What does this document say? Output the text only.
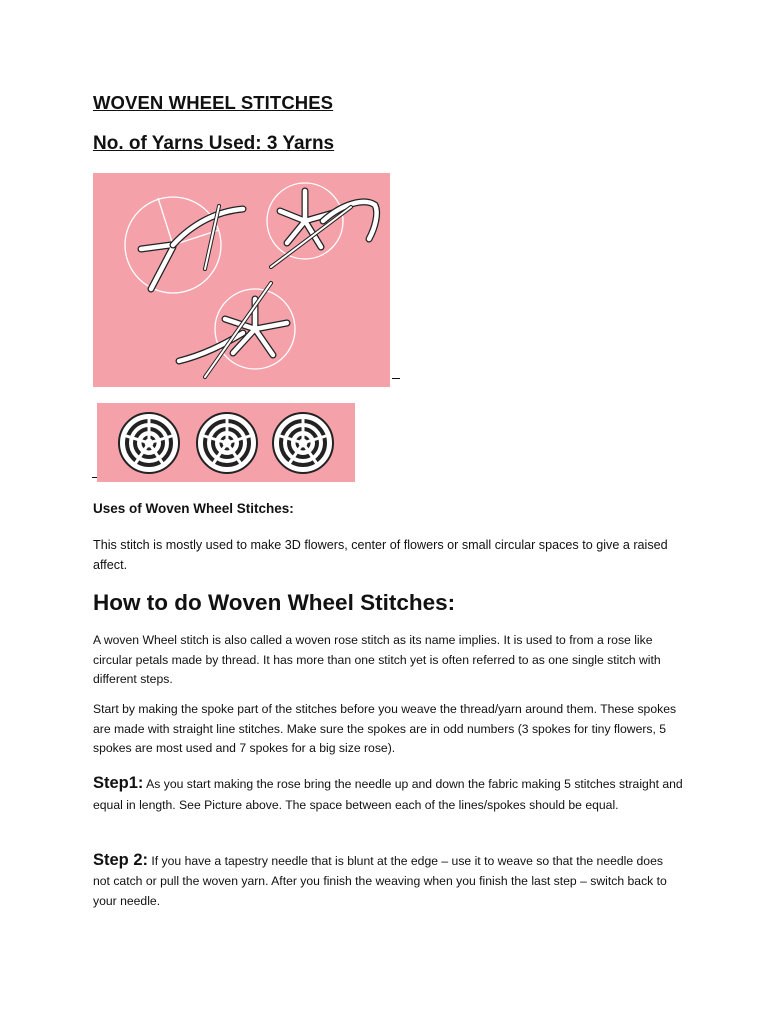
WOVEN WHEEL STITCHES

No. of Yarns Used: 3 Yarns

Uses of Woven Wheel Stitches:

This stitch is mostly used to make 3D flowers, center of flowers or small circular spaces to give a raised affect.

How to do Woven Wheel Stitches:

A woven Wheel stitch is also called a woven rose stitch as its name implies. It is used to from a rose like circular petals made by thread. It has more than one stitch yet is often referred to as one single stitch with different steps.

Start by making the spoke part of the stitches before you weave the thread/yarn around them. These spokes are made with straight line stitches. Make sure the spokes are in odd numbers (3 spokes for tiny flowers, 5 spokes are most used and 7 spokes for a big size rose).

Step1: As you start making the rose bring the needle up and down the fabric making 5 stitches straight and equal in length. See Picture above. The space between each of the lines/spokes should be equal.

Step 2: If you have a tapestry needle that is blunt at the edge – use it to weave so that the needle does not catch or pull the woven yarn. After you finish the weaving when you finish the last step – switch back to your needle.
